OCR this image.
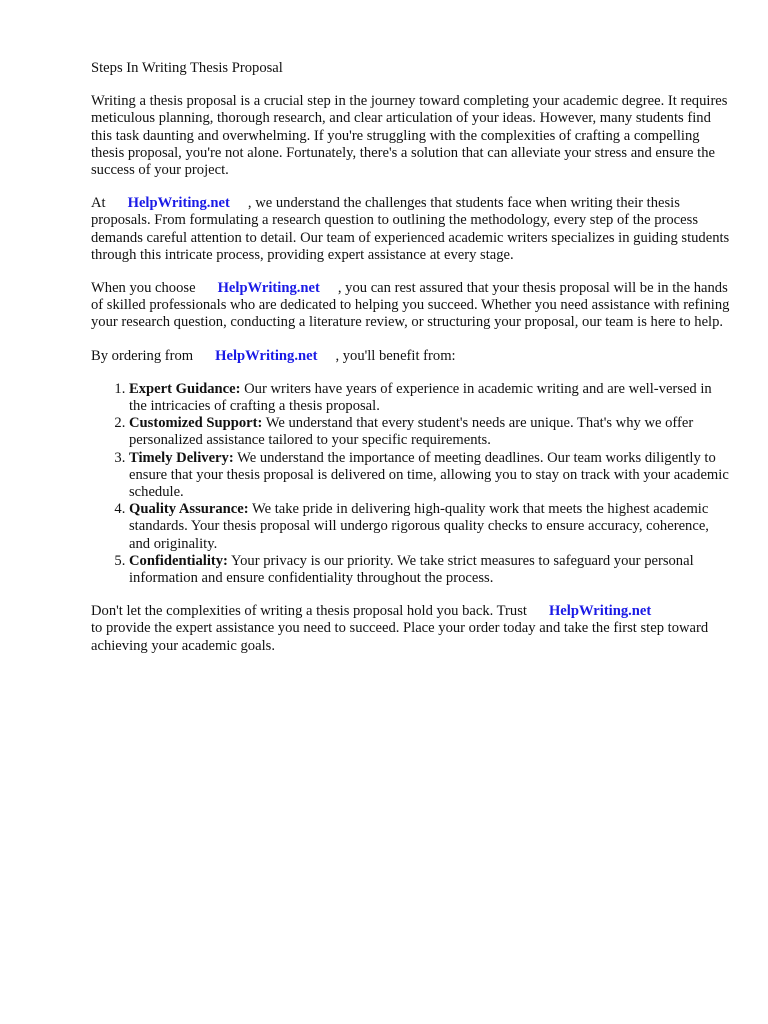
Steps In Writing Thesis Proposal

Writing a thesis proposal is a crucial step in the journey toward completing your academic degree. It requires meticulous planning, thorough research, and clear articulation of your ideas. However, many students find this task daunting and overwhelming. If you're struggling with the complexities of crafting a compelling thesis proposal, you're not alone. Fortunately, there's a solution that can alleviate your stress and ensure the success of your project.

At HelpWriting.net , we understand the challenges that students face when writing their thesis proposals. From formulating a research question to outlining the methodology, every step of the process demands careful attention to detail. Our team of experienced academic writers specializes in guiding students through this intricate process, providing expert assistance at every stage.

When you choose HelpWriting.net , you can rest assured that your thesis proposal will be in the hands of skilled professionals who are dedicated to helping you succeed. Whether you need assistance with refining your research question, conducting a literature review, or structuring your proposal, our team is here to help.

By ordering from HelpWriting.net , you'll benefit from:

1. Expert Guidance: Our writers have years of experience in academic writing and are well-versed in the intricacies of crafting a thesis proposal.
2. Customized Support: We understand that every student's needs are unique. That's why we offer personalized assistance tailored to your specific requirements.
3. Timely Delivery: We understand the importance of meeting deadlines. Our team works diligently to ensure that your thesis proposal is delivered on time, allowing you to stay on track with your academic schedule.
4. Quality Assurance: We take pride in delivering high-quality work that meets the highest academic standards. Your thesis proposal will undergo rigorous quality checks to ensure accuracy, coherence, and originality.
5. Confidentiality: Your privacy is our priority. We take strict measures to safeguard your personal information and ensure confidentiality throughout the process.

Don't let the complexities of writing a thesis proposal hold you back. Trust HelpWriting.net
to provide the expert assistance you need to succeed. Place your order today and take the first step toward achieving your academic goals.
